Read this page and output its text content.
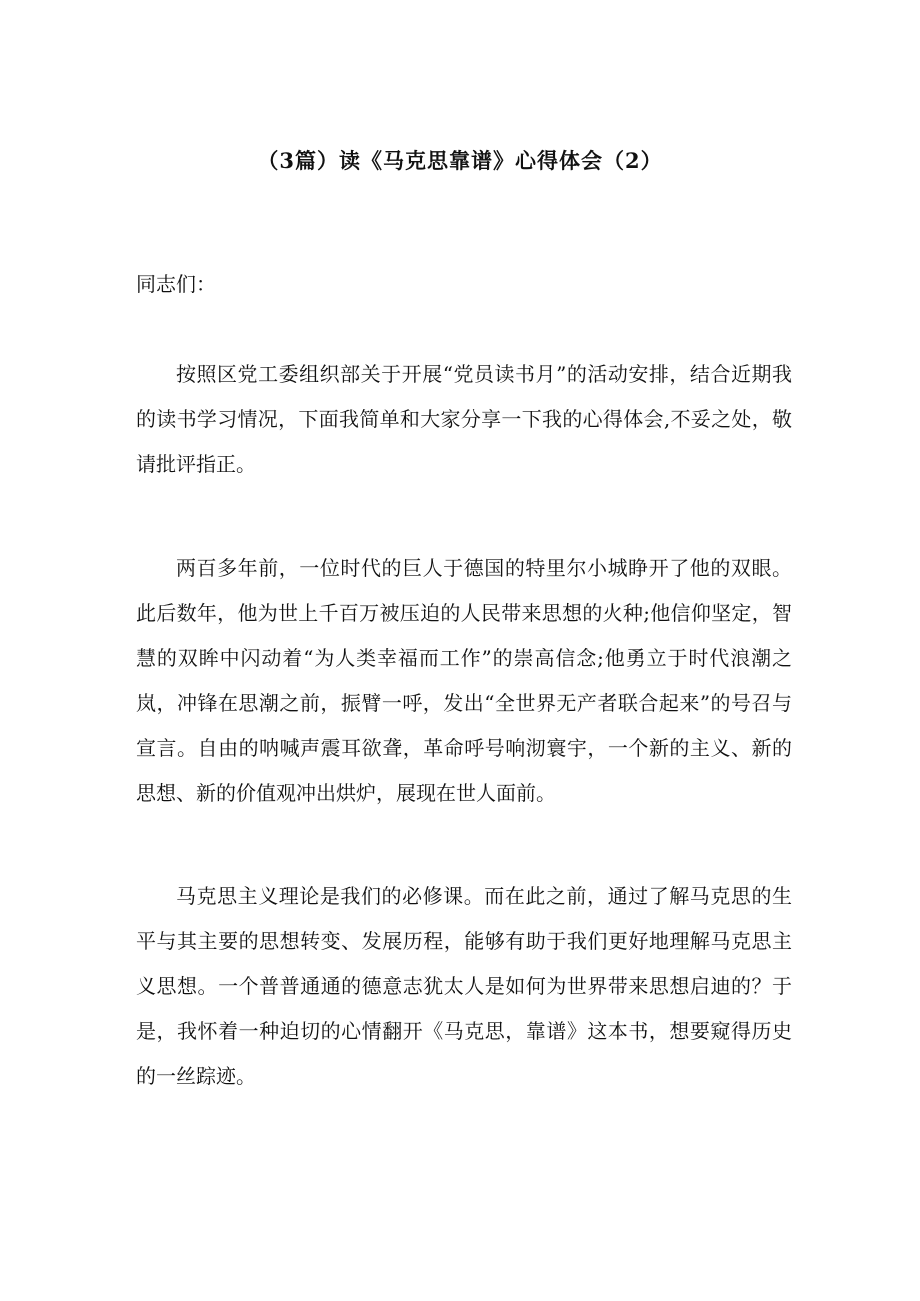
（3篇）读《马克思靠谱》心得体会（2）
同志们：
按照区党工委组织部关于开展“党员读书月”的活动安排，结合近期我的读书学习情况，下面我简单和大家分享一下我的心得体会,不妥之处，敬请批评指正。
两百多年前，一位时代的巨人于德国的特里尔小城睁开了他的双眼。此后数年，他为世上千百万被压迫的人民带来思想的火种;他信仰坚定，智慧的双眸中闪动着“为人类幸福而工作”的崇高信念;他勇立于时代浪潮之岚，冲锋在思潮之前，振臂一呼，发出“全世界无产者联合起来”的号召与宣言。自由的呐喊声震耳欲聋，革命呼号响沏寰宇，一个新的主义、新的思想、新的价值观冲出烘炉，展现在世人面前。
马克思主义理论是我们的必修课。而在此之前，通过了解马克思的生平与其主要的思想转变、发展历程，能够有助于我们更好地理解马克思主义思想。一个普普通通的德意志犹太人是如何为世界带来思想启迪的？于是，我怀着一种迫切的心情翻开《马克思，靠谱》这本书，想要窥得历史的一丝踪迹。
